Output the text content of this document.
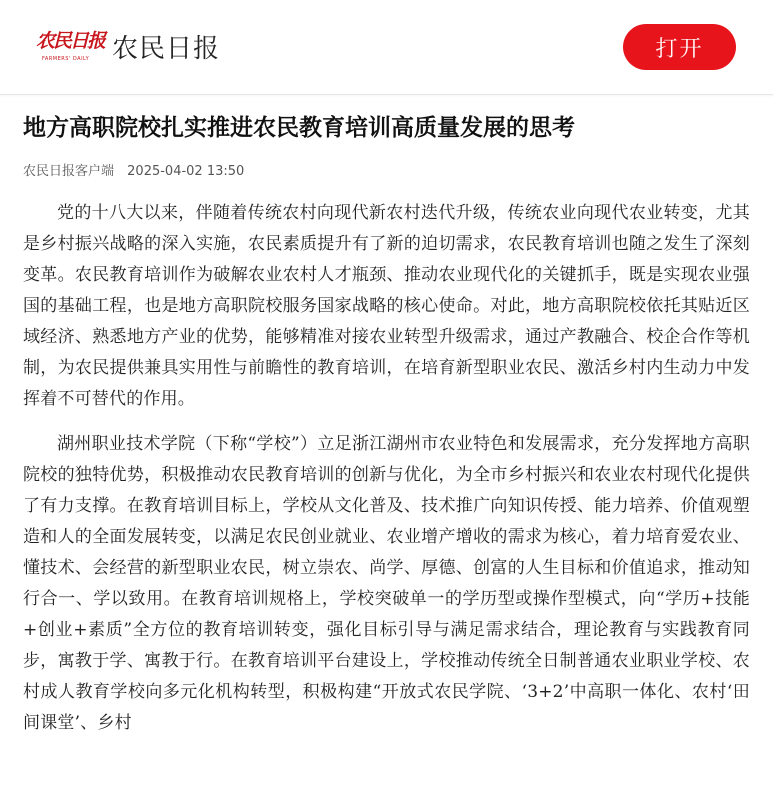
农民日报
FARMERS' DAILY 农民日报	打开
地方高职院校扎实推进农民教育培训高质量发展的思考
农民日报客户端 2025-04-02 13:50

党的十八大以来，伴随着传统农村向现代新农村迭代升级，传统农业向现代农业转变，尤其是乡村振兴战略的深入实施，农民素质提升有了新的迫切需求，农民教育培训也随之发生了深刻变革。农民教育培训作为破解农业农村人才瓶颈、推动农业现代化的关键抓手，既是实现农业强国的基础工程，也是地方高职院校服务国家战略的核心使命。对此，地方高职院校依托其贴近区域经济、熟悉地方产业的优势，能够精准对接农业转型升级需求，通过产教融合、校企合作等机制，为农民提供兼具实用性与前瞻性的教育培训，在培育新型职业农民、激活乡村内生动力中发挥着不可替代的作用。

湖州职业技术学院（下称“学校”）立足浙江湖州市农业特色和发展需求，充分发挥地方高职院校的独特优势，积极推动农民教育培训的创新与优化，为全市乡村振兴和农业农村现代化提供了有力支撑。在教育培训目标上，学校从文化普及、技术推广向知识传授、能力培养、价值观塑造和人的全面发展转变，以满足农民创业就业、农业增产增收的需求为核心，着力培育爱农业、懂技术、会经营的新型职业农民，树立崇农、尚学、厚德、创富的人生目标和价值追求，推动知行合一、学以致用。在教育培训规格上，学校突破单一的学历型或操作型模式，向“学历+技能+创业+素质”全方位的教育培训转变，强化目标引导与满足需求结合，理论教育与实践教育同步，寓教于学、寓教于行。在教育培训平台建设上，学校推动传统全日制普通农业职业学校、农村成人教育学校向多元化机构转型，积极构建“开放式农民学院、‘3+2’中高职一体化、农村‘田间课堂’、乡村
